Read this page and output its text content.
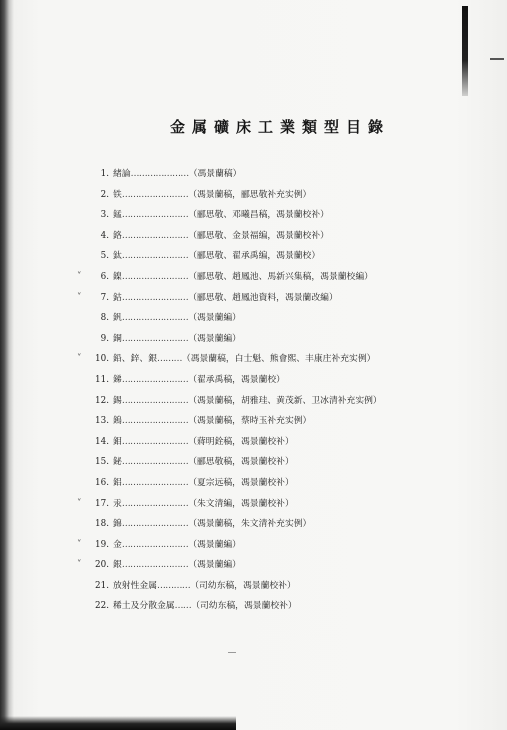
金属礦床工業類型目錄
1. 緒論…………………（馮景蘭稿）
2. 铁……………………（馮景蘭稿，郦思敬补充实例）
3. 錳……………………（郦思敬、邓曦昌稿，馮景蘭校补）
4. 鉻……………………（郦思敬、金景福编，馮景蘭校补）
5. 鈦……………………（郦思敬、翟承禹编，馮景蘭校）
˅ 6. 鎳……………………（郦思敬、趙鳳池、馬新兴集稿，馮景蘭校編）
˅ 7. 鈷……………………（郦思敬、趙鳳池資料，馮景蘭改編）
8. 釩……………………（馮景蘭編）
9. 銅……………………（馮景蘭編）
˅ 10. 鉛、鋅、銀………（馮景蘭稿，白士魁、熊會熙、丰康庄补充实例）
11. 銻……………………（翟承禹稿，馮景蘭校）
12. 錫……………………（馮景蘭稿，胡雅珪、黄茂新、卫冰清补充实例）
13. 鎢……………………（馮景蘭稿，蔡時玉补充实例）
14. 鉬……………………（蔣明銓稿，馮景蘭校补）
15. 鉍……………………（郦思敬稿，馮景蘭校补）
16. 鋁……………………（夏宗远稿，馮景蘭校补）
˅ 17. 汞……………………（朱文清編，馮景蘭校补）
18. 錦……………………（馮景蘭稿，朱文清补充实例）
˅ 19. 金……………………（馮景蘭編）
˅ 20. 銀……………………（馮景蘭編）
21. 放射性金属…………（司幼东稿，馮景蘭校补）
22. 稀土及分散金属……（司幼东稿，馮景蘭校补）
